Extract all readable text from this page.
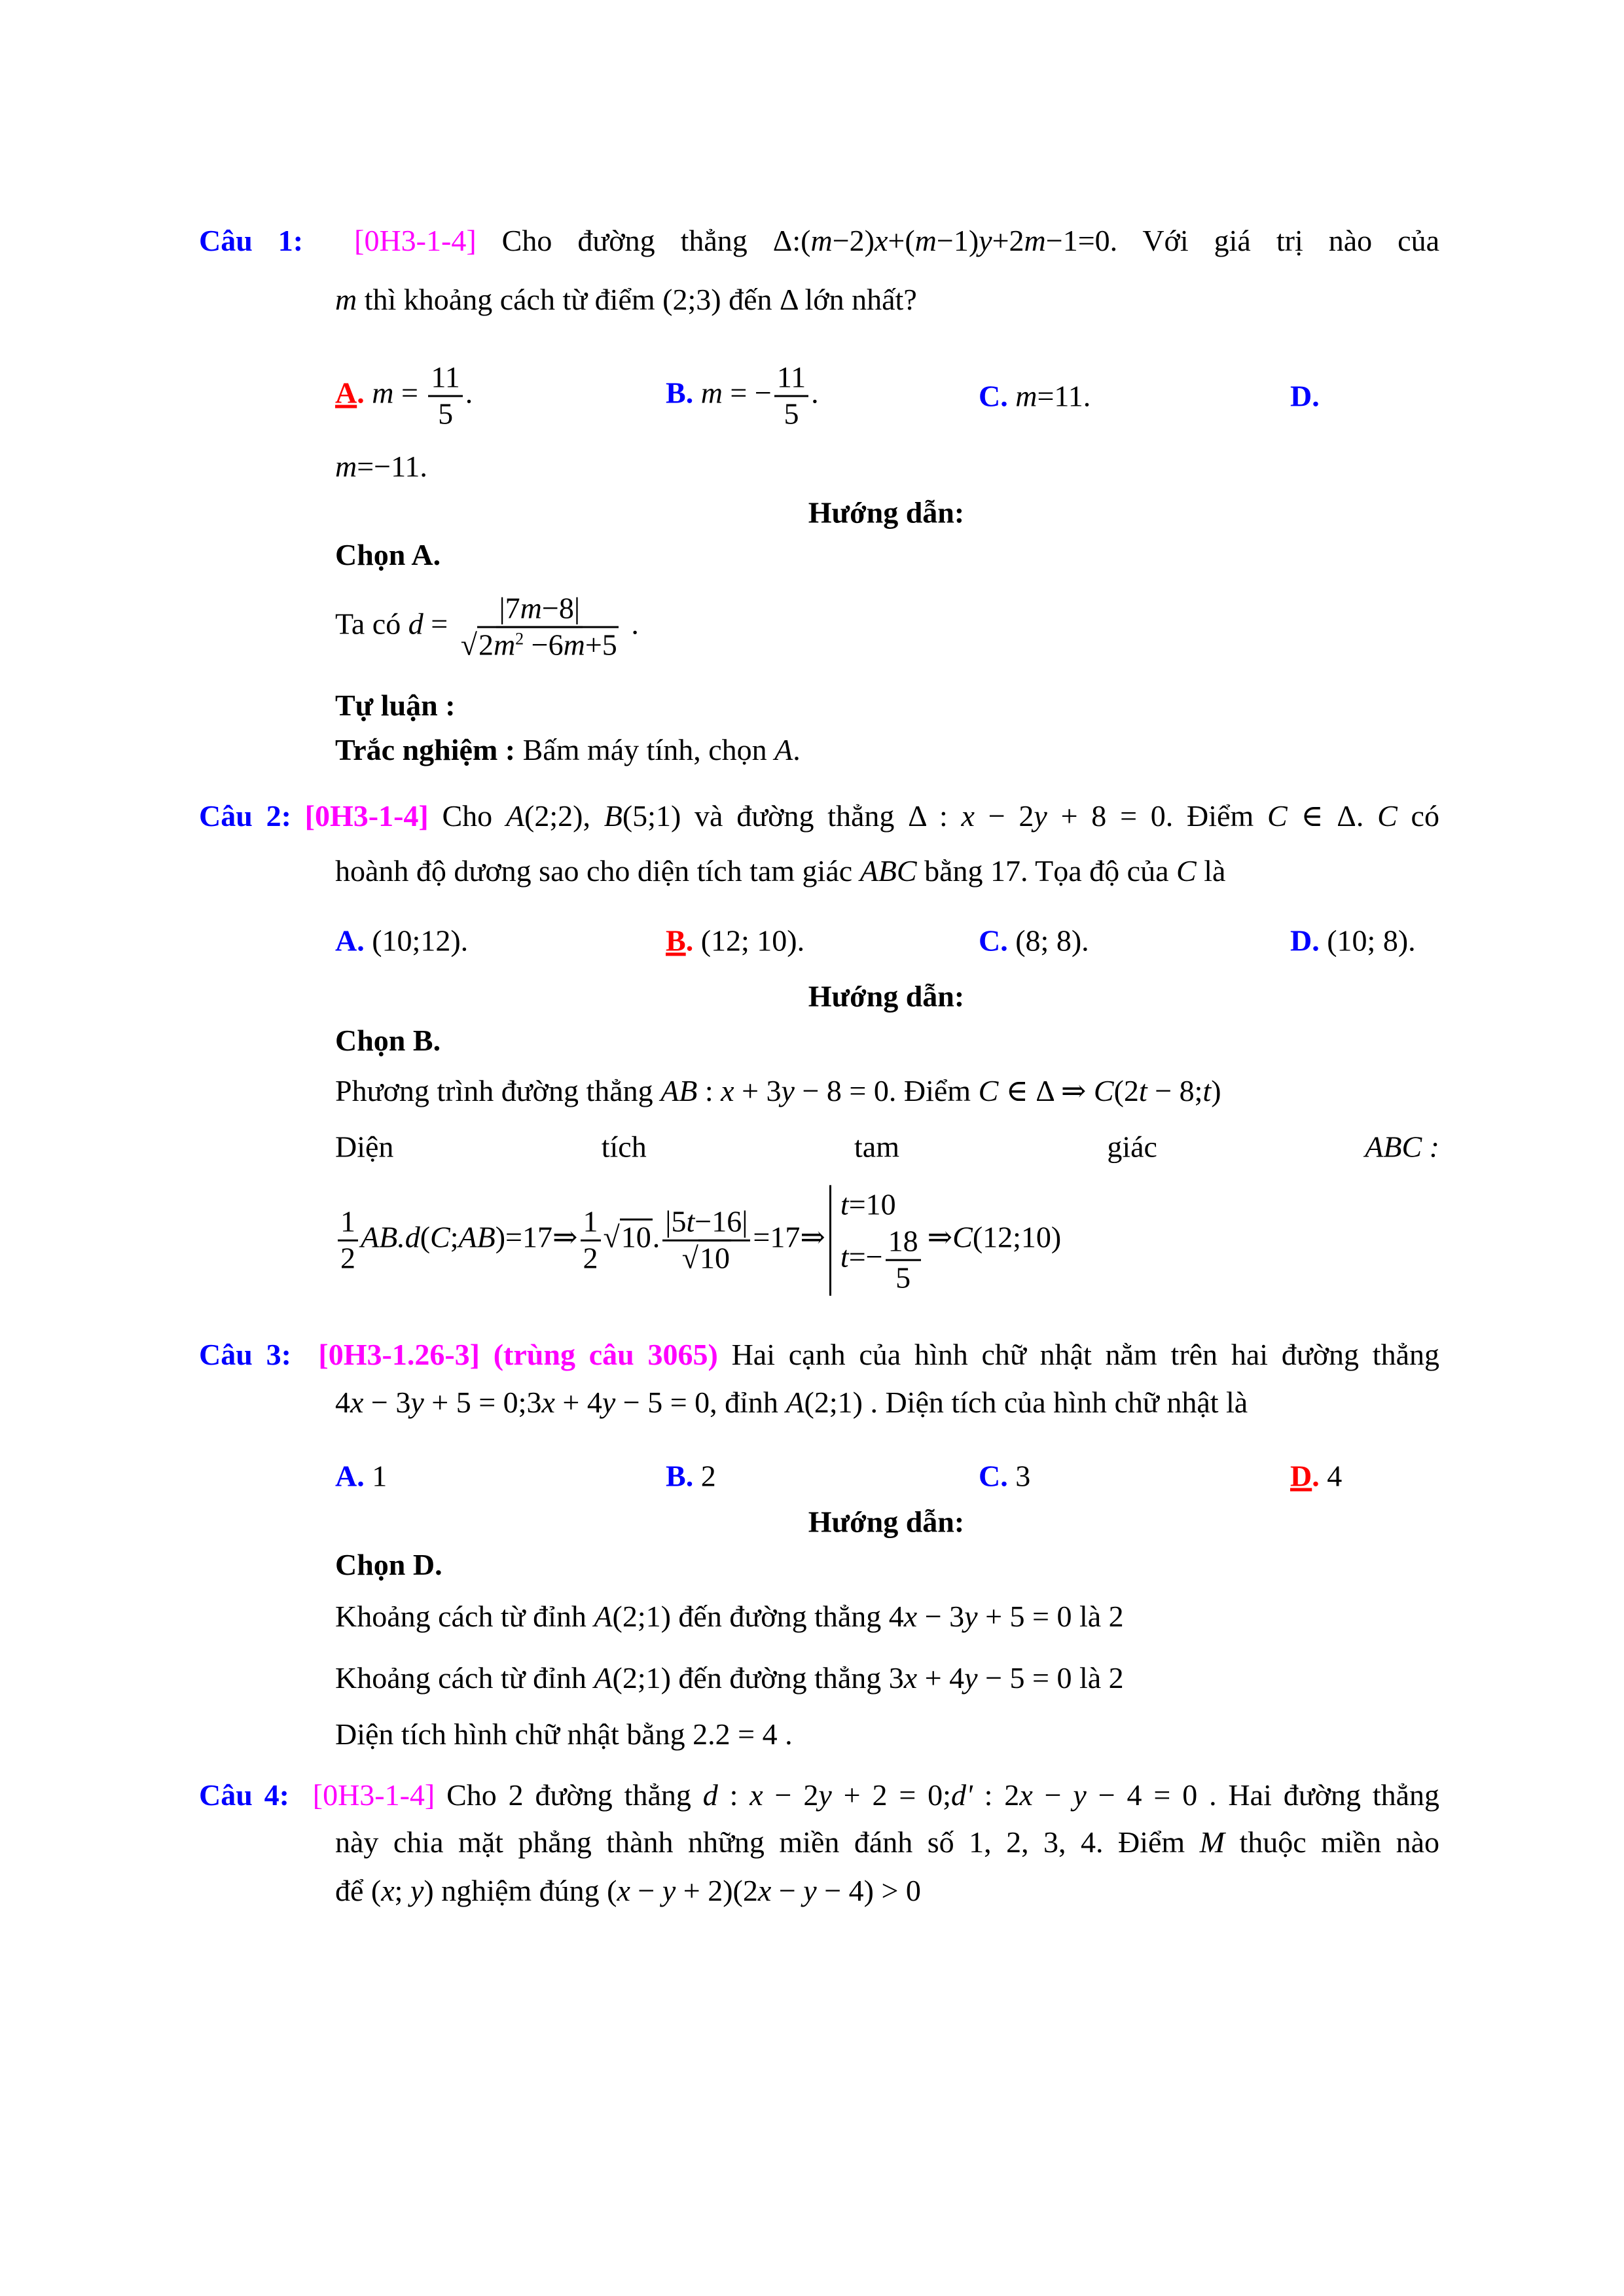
Câu 1: [0H3-1-4] Cho đường thẳng Δ:(m−2)x+(m−1)y+2m−1=0. Với giá trị nào của
m thì khoảng cách từ điểm (2;3) đến Δ lớn nhất?
A. $m = \frac{11}{5}$ .	B. m = − $\frac{11}{5}$ .	C. m=11.	D.
m=−11.
Hướng dẫn:
Chọn A.
Ta có $d = \frac{|7m-8|}{√2m^2 -6m+5}$ .
Tự luận :
Trắc nghiệm : Bấm máy tính, chọn A.
Câu 2: [0H3-1-4] Cho A(2;2), B(5;1) và đường thẳng Δ : x − 2y + 8 = 0. Điểm C ∈ Δ. C có
hoành độ dương sao cho diện tích tam giác ABC bằng 17. Tọa độ của C là
A. (10;12).	B. (12; 10).	C. (8; 8).	D. (10; 8).
Hướng dẫn:
Chọn B.
Phương trình đường thẳng AB : x + 3y − 8 = 0. Điểm C ∈ Δ ⇒ C(2t − 8;t)
Diện	tích	tam	giác	ABC :
$\frac{1}{2}$ AB.d(C;AB)=17⇒ $\frac{1}{2} √10$. $\frac{|5t-16|}{√10}$ =17⇒
t=10
$t=- \frac{18}{5}$ ⇒C(12;10)
Câu 3: [0H3-1.26-3] (trùng câu 3065) Hai cạnh của hình chữ nhật nằm trên hai đường thẳng
4x − 3y + 5 = 0;3x + 4y − 5 = 0, đỉnh A(2;1) . Diện tích của hình chữ nhật là
A. 1	B. 2	C. 3	D. 4
Hướng dẫn:
Chọn D.
Khoảng cách từ đỉnh A(2;1) đến đường thẳng 4x − 3y + 5 = 0 là 2
Khoảng cách từ đỉnh A(2;1) đến đường thẳng 3x + 4y − 5 = 0 là 2
Diện tích hình chữ nhật bằng 2.2 = 4 .
Câu 4: [0H3-1-4] Cho 2 đường thẳng d : x − 2y + 2 = 0;d' : 2x − y − 4 = 0 . Hai đường thẳng
này chia mặt phẳng thành những miền đánh số 1, 2, 3, 4. Điểm M thuộc miền nào
để (x; y) nghiệm đúng (x − y + 2)(2x − y − 4) > 0
